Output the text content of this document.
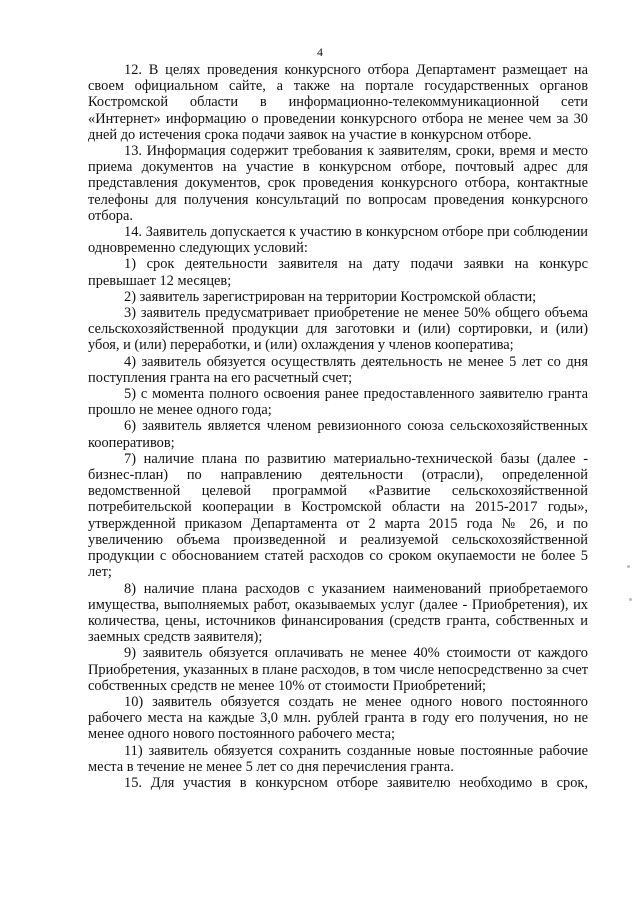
4

12. В целях проведения конкурсного отбора Департамент размещает на своем официальном сайте, а также на портале государственных органов Костромской области в информационно-телекоммуникационной сети «Интернет» информацию о проведении конкурсного отбора не менее чем за 30 дней до истечения срока подачи заявок на участие в конкурсном отборе.

13. Информация содержит требования к заявителям, сроки, время и место приема документов на участие в конкурсном отборе, почтовый адрес для представления документов, срок проведения конкурсного отбора, контактные телефоны для получения консультаций по вопросам проведения конкурсного отбора.

14. Заявитель допускается к участию в конкурсном отборе при соблюдении одновременно следующих условий:

1) срок деятельности заявителя на дату подачи заявки на конкурс превышает 12 месяцев;

2) заявитель зарегистрирован на территории Костромской области;

3) заявитель предусматривает приобретение не менее 50% общего объема сельскохозяйственной продукции для заготовки и (или) сортировки, и (или) убоя, и (или) переработки, и (или) охлаждения у членов кооператива;

4) заявитель обязуется осуществлять деятельность не менее 5 лет со дня поступления гранта на его расчетный счет;

5) с момента полного освоения ранее предоставленного заявителю гранта прошло не менее одного года;

6) заявитель является членом ревизионного союза сельскохозяйственных кооперативов;

7) наличие плана по развитию материально-технической базы (далее - бизнес-план) по направлению деятельности (отрасли), определенной ведомственной целевой программой «Развитие сельскохозяйственной потребительской кооперации в Костромской области на 2015-2017 годы», утвержденной приказом Департамента от 2 марта 2015 года № 26, и по увеличению объема произведенной и реализуемой сельскохозяйственной продукции с обоснованием статей расходов со сроком окупаемости не более 5 лет;

8) наличие плана расходов с указанием наименований приобретаемого имущества, выполняемых работ, оказываемых услуг (далее - Приобретения), их количества, цены, источников финансирования (средств гранта, собственных и заемных средств заявителя);

9) заявитель обязуется оплачивать не менее 40% стоимости от каждого Приобретения, указанных в плане расходов, в том числе непосредственно за счет собственных средств не менее 10% от стоимости Приобретений;

10) заявитель обязуется создать не менее одного нового постоянного рабочего места на каждые 3,0 млн. рублей гранта в году его получения, но не менее одного нового постоянного рабочего места;

11) заявитель обязуется сохранить созданные новые постоянные рабочие места в течение не менее 5 лет со дня перечисления гранта.

15. Для участия в конкурсном отборе заявителю необходимо в срок,
